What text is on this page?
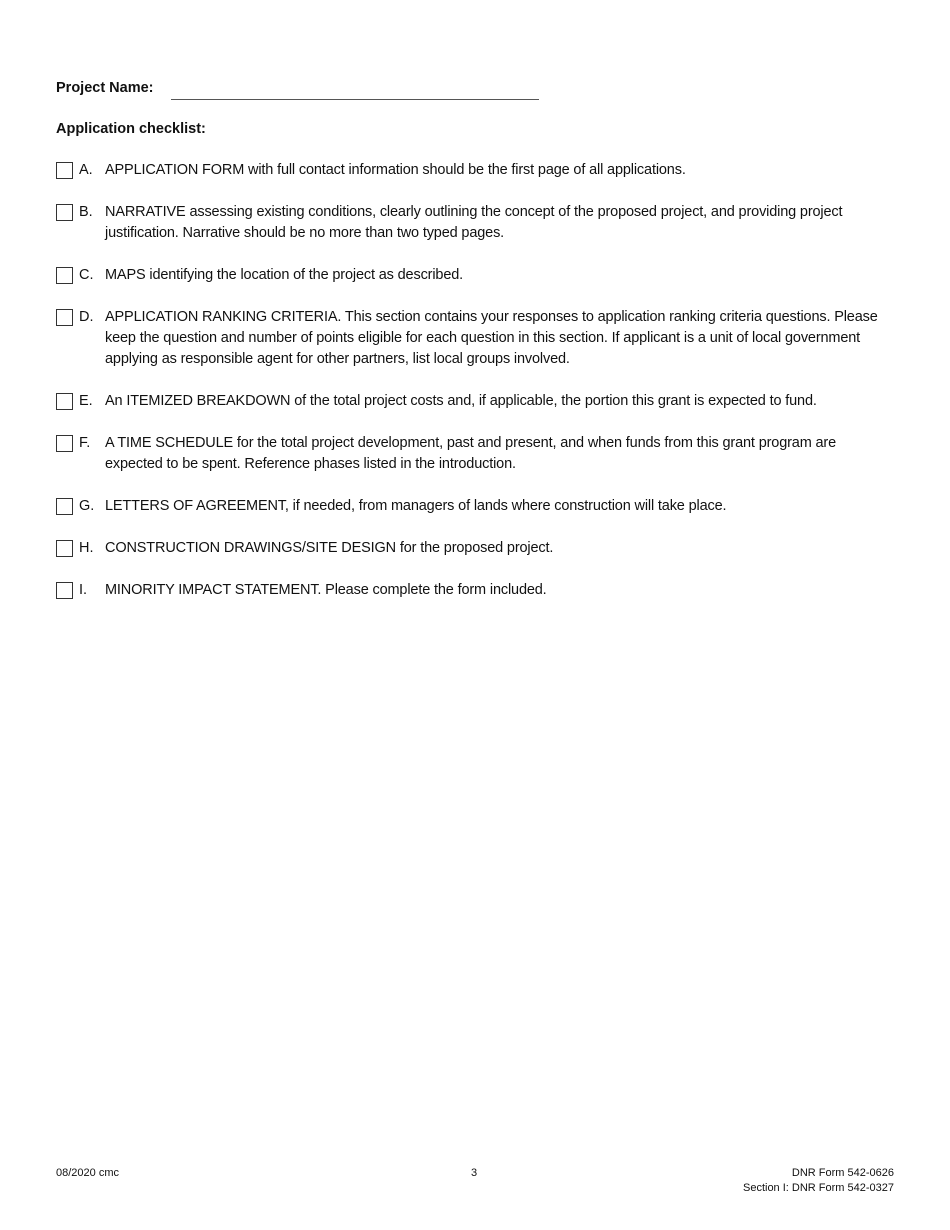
Project Name:
Application checklist:
A. APPLICATION FORM with full contact information should be the first page of all applications.
B. NARRATIVE assessing existing conditions, clearly outlining the concept of the proposed project, and providing project justification. Narrative should be no more than two typed pages.
C. MAPS identifying the location of the project as described.
D. APPLICATION RANKING CRITERIA. This section contains your responses to application ranking criteria questions. Please keep the question and number of points eligible for each question in this section. If applicant is a unit of local government applying as responsible agent for other partners, list local groups involved.
E. An ITEMIZED BREAKDOWN of the total project costs and, if applicable, the portion this grant is expected to fund.
F.	A TIME SCHEDULE for the total project development, past and present, and when funds from this grant program are expected to be spent. Reference phases listed in the introduction.
G. LETTERS OF AGREEMENT, if needed, from managers of lands where construction will take place.
H. CONSTRUCTION DRAWINGS/SITE DESIGN for the proposed project.
I.	MINORITY IMPACT STATEMENT. Please complete the form included.
08/2020 cmc	3	DNR Form 542-0626
Section I: DNR Form 542-0327
